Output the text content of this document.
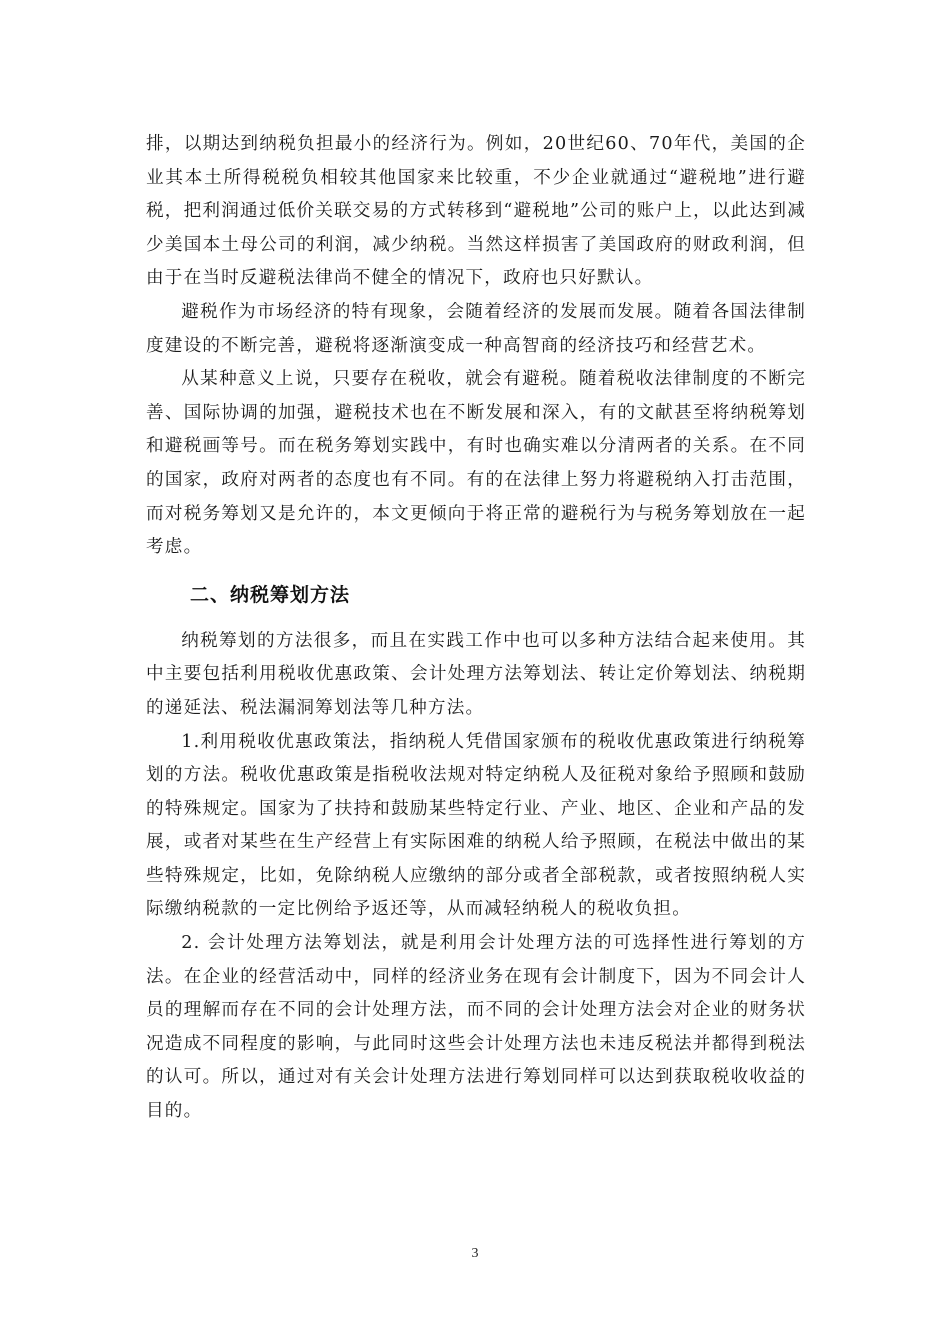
排，以期达到纳税负担最小的经济行为。例如，20世纪60、70年代，美国的企业其本土所得税税负相较其他国家来比较重，不少企业就通过“避税地”进行避税，把利润通过低价关联交易的方式转移到“避税地”公司的账户上，以此达到减少美国本土母公司的利润，减少纳税。当然这样损害了美国政府的财政利润，但由于在当时反避税法律尚不健全的情况下，政府也只好默认。

避税作为市场经济的特有现象，会随着经济的发展而发展。随着各国法律制度建设的不断完善，避税将逐渐演变成一种高智商的经济技巧和经营艺术。

从某种意义上说，只要存在税收，就会有避税。随着税收法律制度的不断完善、国际协调的加强，避税技术也在不断发展和深入，有的文献甚至将纳税筹划和避税画等号。而在税务筹划实践中，有时也确实难以分清两者的关系。在不同的国家，政府对两者的态度也有不同。有的在法律上努力将避税纳入打击范围，而对税务筹划又是允许的，本文更倾向于将正常的避税行为与税务筹划放在一起考虑。

二、纳税筹划方法

纳税筹划的方法很多，而且在实践工作中也可以多种方法结合起来使用。其中主要包括利用税收优惠政策、会计处理方法筹划法、转让定价筹划法、纳税期的递延法、税法漏洞筹划法等几种方法。

1.利用税收优惠政策法，指纳税人凭借国家颁布的税收优惠政策进行纳税筹划的方法。税收优惠政策是指税收法规对特定纳税人及征税对象给予照顾和鼓励的特殊规定。国家为了扶持和鼓励某些特定行业、产业、地区、企业和产品的发展，或者对某些在生产经营上有实际困难的纳税人给予照顾，在税法中做出的某些特殊规定，比如，免除纳税人应缴纳的部分或者全部税款，或者按照纳税人实际缴纳税款的一定比例给予返还等，从而减轻纳税人的税收负担。

2. 会计处理方法筹划法，就是利用会计处理方法的可选择性进行筹划的方法。在企业的经营活动中，同样的经济业务在现有会计制度下，因为不同会计人员的理解而存在不同的会计处理方法，而不同的会计处理方法会对企业的财务状况造成不同程度的影响，与此同时这些会计处理方法也未违反税法并都得到税法的认可。所以，通过对有关会计处理方法进行筹划同样可以达到获取税收收益的目的。

3
